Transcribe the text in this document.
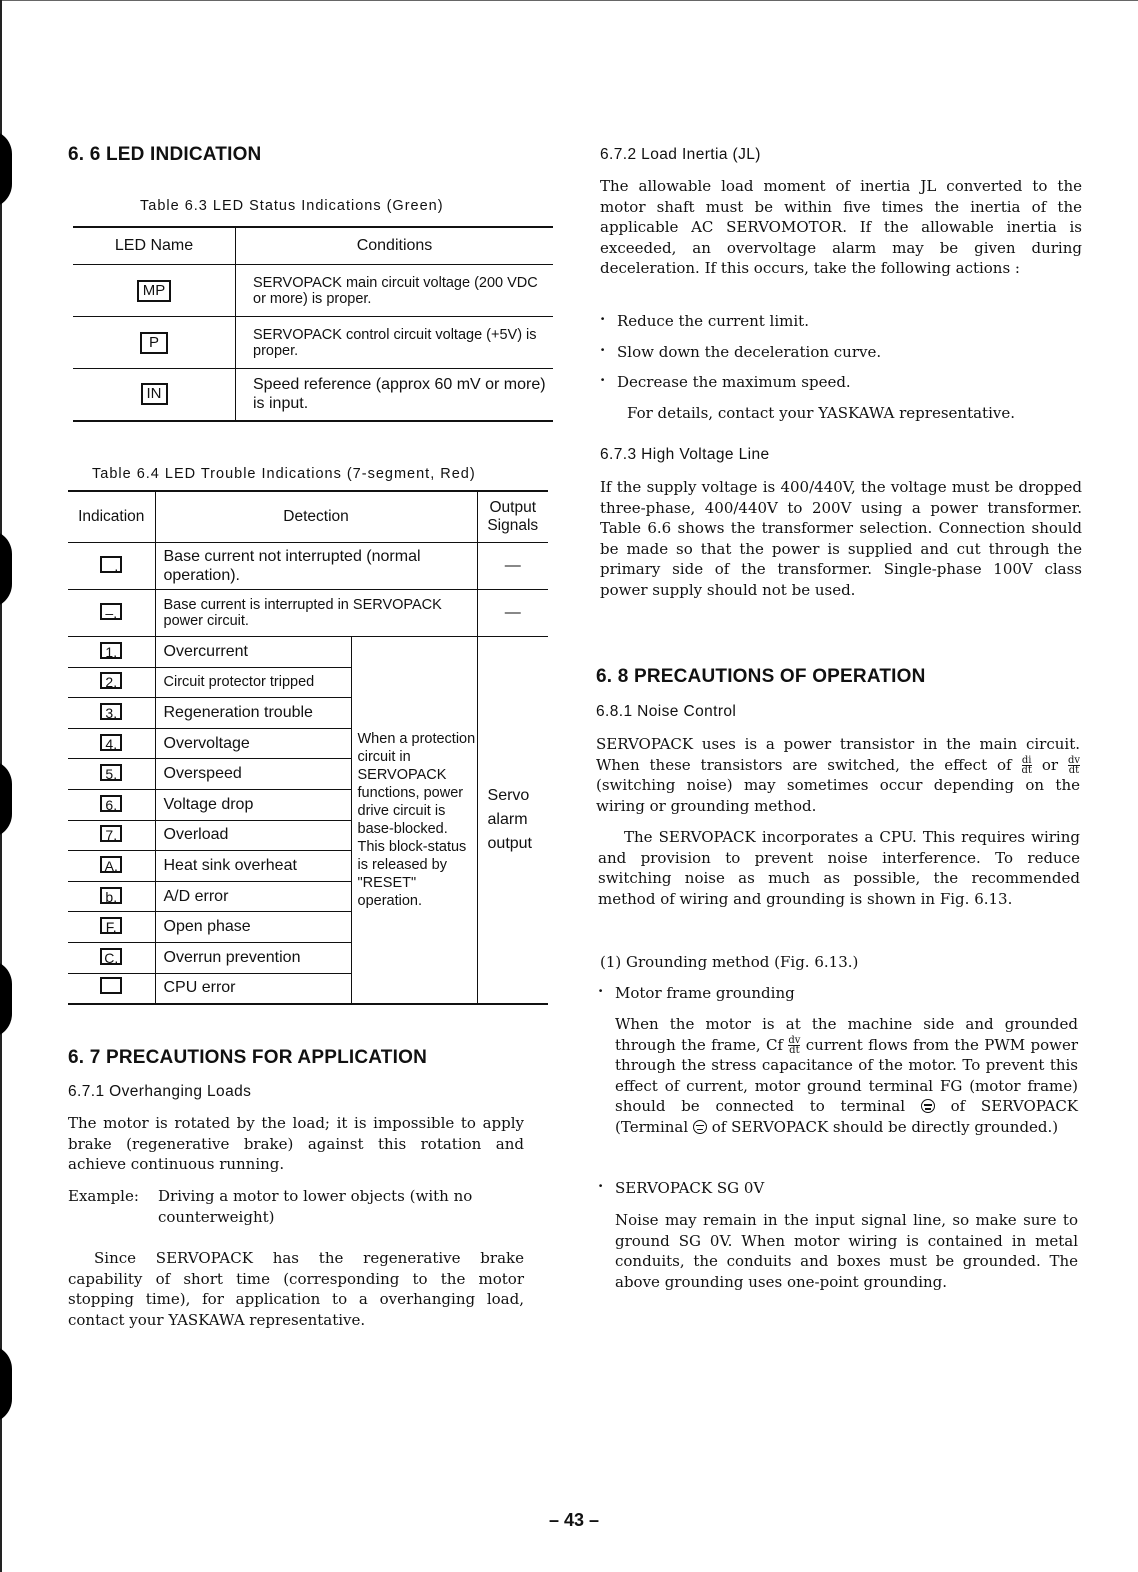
6. 6 LED INDICATION
Table 6.3 LED Status Indications (Green)
LED Name	Conditions
MP	SERVOPACK main circuit voltage (200 VDC or more) is proper.
P	SERVOPACK control circuit voltage (+5V) is proper.
IN	Speed reference (approx 60 mV or more) is input.
Table 6.4 LED Trouble Indications (7-segment, Red)
Indication	Detection		Output Signals
.	Base current not interrupted (normal operation).		—
–.	Base current is interrupted in SERVOPACK power circuit.		—
1.	Overcurrent	When a protection circuit in SERVOPACK functions, power drive circuit is base-blocked. This block-status is released by "RESET" operation.	Servo alarm output
2.	Circuit protector tripped		
3.	Regeneration trouble		
4.	Overvoltage		
5.	Overspeed		
6.	Voltage drop		
7.	Overload		
A.	Heat sink overheat		
b.	A/D error		
F.	Open phase		
C.	Overrun prevention		
	CPU error		
6. 7 PRECAUTIONS FOR APPLICATION
6.7.1 Overhanging Loads

The motor is rotated by the load; it is impossible to apply brake (regenerative brake) against this rotation and achieve continuous running.

Example:	Driving a motor to lower objects (with no counterweight)

Since SERVOPACK has the regenerative brake capability of short time (corresponding to the motor stopping time), for application to a overhanging load, contact your YASKAWA representative.

6.7.2 Load Inertia (JL)

The allowable load moment of inertia JL converted to the motor shaft must be within five times the inertia of the applicable AC SERVOMOTOR. If the allowable inertia is exceeded, an overvoltage alarm may be given during deceleration. If this occurs, take the following actions :

· Reduce the current limit.
· Slow down the deceleration curve.
· Decrease the maximum speed.
For details, contact your YASKAWA representative.
6.7.3 High Voltage Line

If the supply voltage is 400/440V, the voltage must be dropped three-phase, 400/440V to 200V using a power transformer. Table 6.6 shows the transformer selection. Connection should be made so that the power is supplied and cut through the primary side of the transformer. Single-phase 100V class power supply should not be used.

6. 8 PRECAUTIONS OF OPERATION
6.8.1 Noise Control

SERVOPACK uses is a power transistor in the main circuit. When these transistors are switched, the effect of $\frac{di}{dt}$ or $\frac{dv}{dt}$
(switching noise) may sometimes occur depending on the wiring or grounding method.

The SERVOPACK incorporates a CPU. This requires wiring and provision to prevent noise interference. To reduce switching noise as much as possible, the recommended method of wiring and grounding is shown in Fig. 6.13.

(1) Grounding method (Fig. 6.13.)
· Motor frame grounding

When the motor is at the machine side and grounded through the frame, Cf $\frac{dv}{dt}$ current flows from the PWM power through the stress capacitance of the motor. To prevent this effect of current, motor ground terminal FG (motor frame) should be connected to terminal	of SERVOPACK (Terminal of SERVOPACK should be directly grounded.)

· SERVOPACK SG 0V

Noise may remain in the input signal line, so make sure to ground SG 0V. When motor wiring is contained in metal conduits, the conduits and boxes must be grounded. The above grounding uses one-point grounding.

– 43 –
